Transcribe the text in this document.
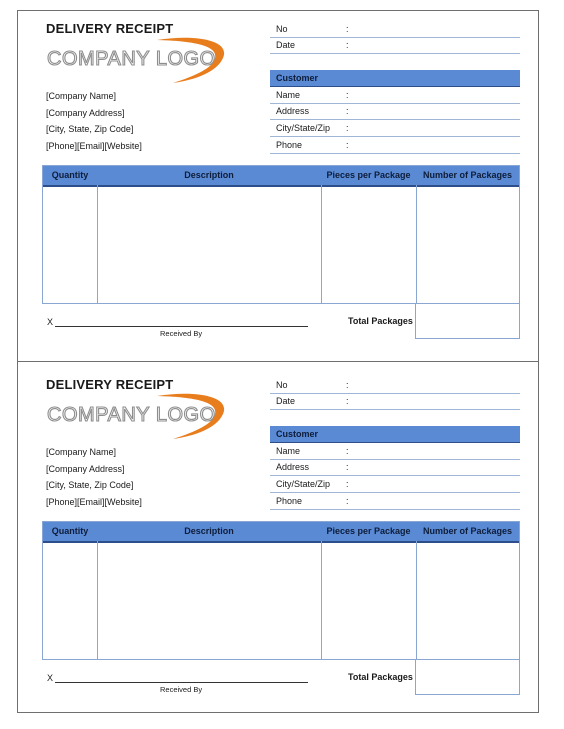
DELIVERY RECEIPT
COMPANY LOGO
[Company Name]
[Company Address]
[City, State, Zip Code]
[Phone][Email][Website]
No	:
Date	:
Customer
Name	:
Address	:
City/State/Zip :
Phone	:
Quantity	Description	Pieces per Package	Number of Packages
Total Packages
X
Received By
DELIVERY RECEIPT
COMPANY LOGO
[Company Name]
[Company Address]
[City, State, Zip Code]
[Phone][Email][Website]
No	:
Date	:
Customer
Name	:
Address	:
City/State/Zip :
Phone	:
Quantity	Description	Pieces per Package	Number of Packages
Total Packages
X
Received By
